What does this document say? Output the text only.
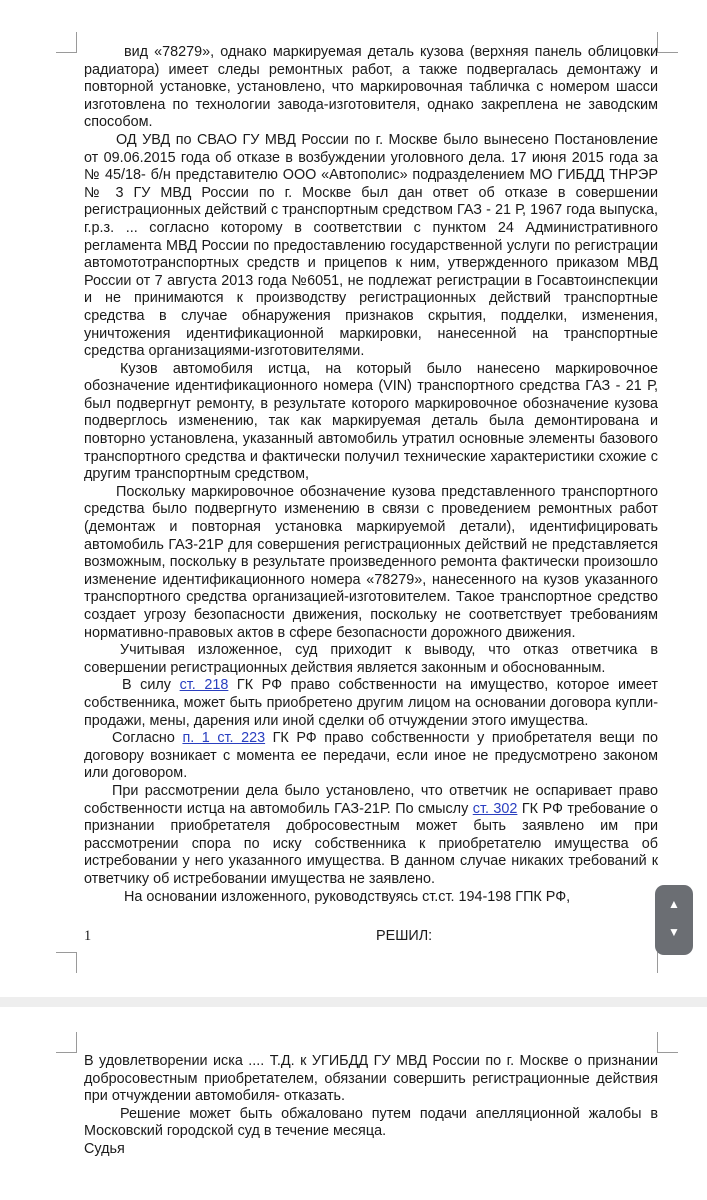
вид «78279», однако маркируемая деталь кузова (верхняя панель облицовки радиатора) имеет следы ремонтных работ, а также подвергалась демонтажу и повторной установке, установлено, что маркировочная табличка с номером шасси изготовлена по технологии завода-изготовителя, однако закреплена не заводским способом.

ОД УВД по СВАО ГУ МВД России по г. Москве было вынесено Постановление от 09.06.2015 года об отказе в возбуждении уголовного дела. 17 июня 2015 года за № 45/18- б/н представителю ООО «Автополис» подразделением МО ГИБДД ТНРЭР № 3 ГУ МВД России по г. Москве был дан ответ об отказе в совершении регистрационных действий с транспортным средством ГАЗ - 21 Р, 1967 года выпуска, г.р.з. ... согласно которому в соответствии с пунктом 24 Административного регламента МВД России по предоставлению государственной услуги по регистрации автомототранспортных средств и прицепов к ним, утвержденного приказом МВД России от 7 августа 2013 года №6051, не подлежат регистрации в Госавтоинспекции и не принимаются к производству регистрационных действий транспортные средства в случае обнаружения признаков скрытия, подделки, изменения, уничтожения идентификационной маркировки, нанесенной на транспортные средства организациями-изготовителями.

Кузов автомобиля истца, на который было нанесено маркировочное обозначение идентификационного номера (VIN) транспортного средства ГАЗ - 21 Р, был подвергнут ремонту, в результате которого маркировочное обозначение кузова подверглось изменению, так как маркируемая деталь была демонтирована и повторно установлена, указанный автомобиль утратил основные элементы базового транспортного средства и фактически получил технические характеристики схожие с другим транспортным средством,

Поскольку маркировочное обозначение кузова представленного транспортного средства было подвергнуто изменению в связи с проведением ремонтных работ (демонтаж и повторная установка маркируемой детали), идентифицировать автомобиль ГАЗ-21Р для совершения регистрационных действий не представляется возможным, поскольку в результате произведенного ремонта фактически произошло изменение идентификационного номера «78279», нанесенного на кузов указанного транспортного средства организацией-изготовителем. Такое транспортное средство создает угрозу безопасности движения, поскольку не соответствует требованиям нормативно-правовых актов в сфере безопасности дорожного движения.

Учитывая изложенное, суд приходит к выводу, что отказ ответчика в совершении регистрационных действия является законным и обоснованным.

В силу ст. 218 ГК РФ право собственности на имущество, которое имеет собственника, может быть приобретено другим лицом на основании договора купли-продажи, мены, дарения или иной сделки об отчуждении этого имущества.

Согласно п. 1 ст. 223 ГК РФ право собственности у приобретателя вещи по договору возникает с момента ее передачи, если иное не предусмотрено законом или договором.

При рассмотрении дела было установлено, что ответчик не оспаривает право собственности истца на автомобиль ГАЗ-21Р. По смыслу ст. 302 ГК РФ требование о признании приобретателя добросовестным может быть заявлено им при рассмотрении спора по иску собственника к приобретателю имущества об истребовании у него указанного имущества. В данном случае никаких требований к ответчику об истребовании имущества не заявлено.

На основании изложенного, руководствуясь ст.ст. 194-198 ГПК РФ,

1	РЕШИЛ:

В удовлетворении иска .... Т.Д. к УГИБДД ГУ МВД России по г. Москве о признании добросовестным приобретателем, обязании совершить регистрационные действия при отчуждении автомобиля- отказать.

Решение может быть обжаловано путем подачи апелляционной жалобы в Московский городской суд в течение месяца.

Судья

▲
▼
